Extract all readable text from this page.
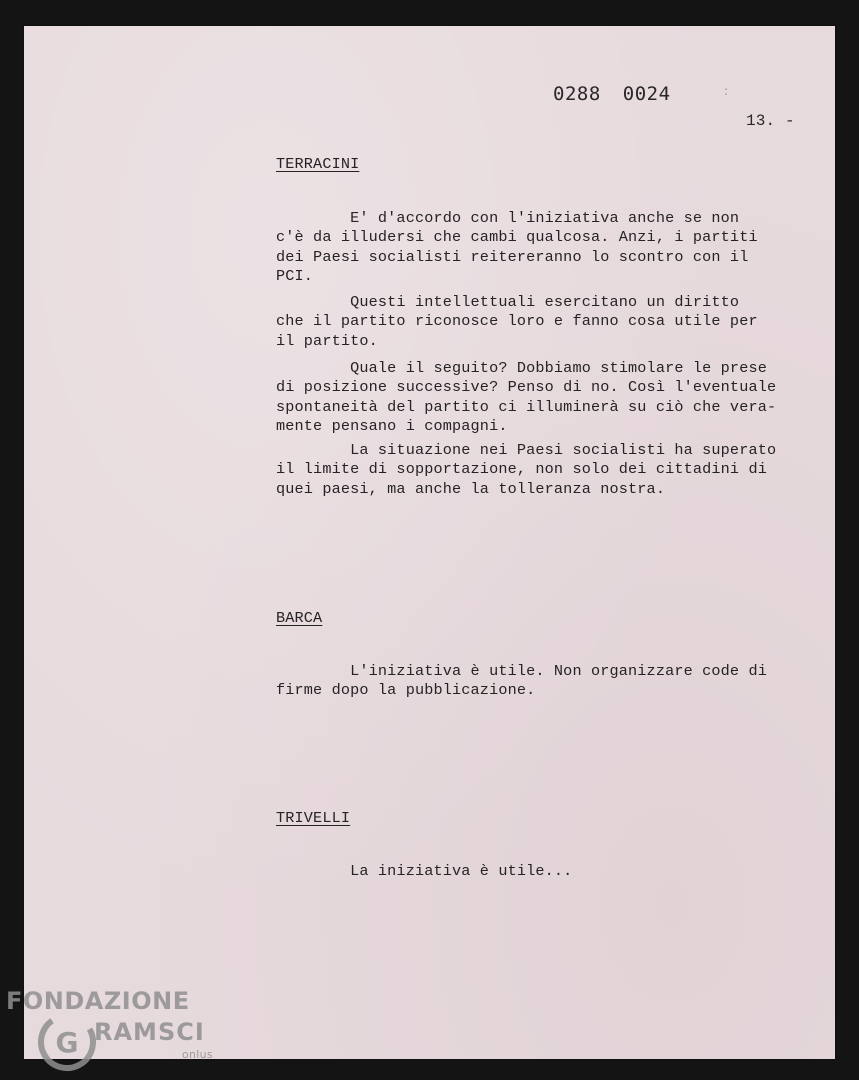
0288 0024	:
13. -
TERRACINI
E' d'accordo con l'iniziativa anche se non
c'è da illudersi che cambi qualcosa. Anzi, i partiti
dei Paesi socialisti reitereranno lo scontro con il
PCI.
Questi intellettuali esercitano un diritto
che il partito riconosce loro e fanno cosa utile per
il partito.
Quale il seguito? Dobbiamo stimolare le prese
di posizione successive? Penso di no. Così l'eventuale
spontaneità del partito ci illuminerà su ciò che vera-
mente pensano i compagni.
La situazione nei Paesi socialisti ha superato
il limite di sopportazione, non solo dei cittadini di
quei paesi, ma anche la tolleranza nostra.
BARCA
L'iniziativa è utile. Non organizzare code di
firme dopo la pubblicazione.
TRIVELLI
La iniziativa è utile...
FONDAZIONE
G RAMSCI
onlus
